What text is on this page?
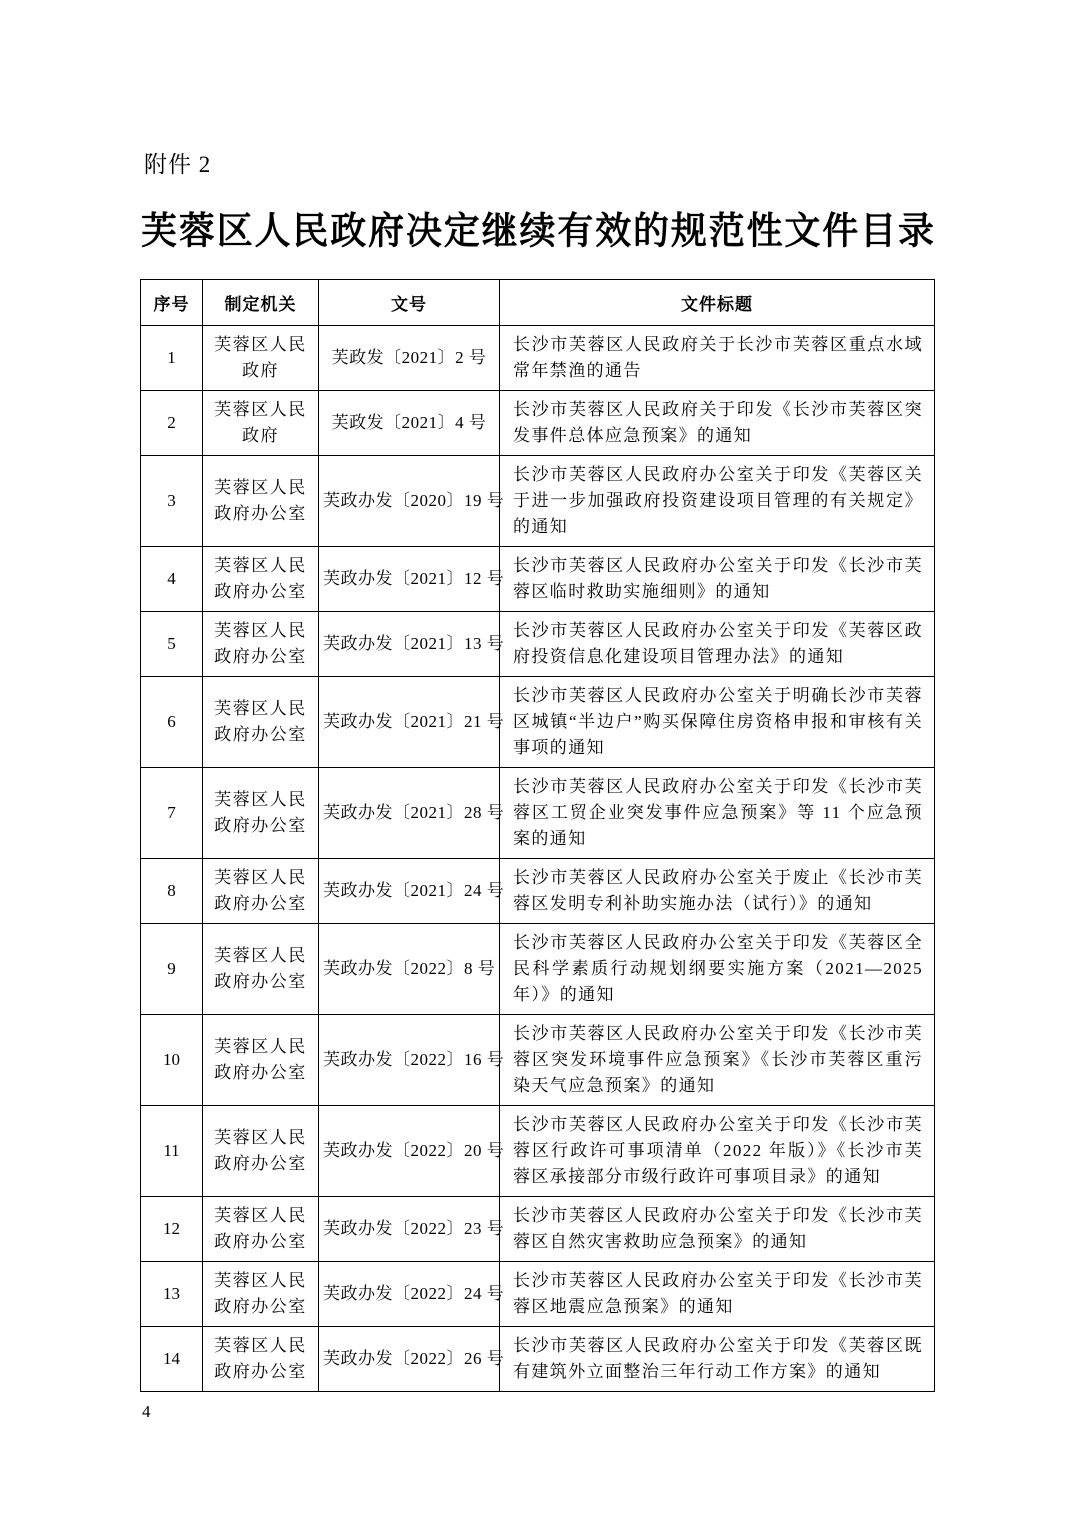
附件 2
芙蓉区人民政府决定继续有效的规范性文件目录
序号	制定机关	文号	文件标题
1	芙蓉区人民政府	芙政发〔2021〕2 号	长沙市芙蓉区人民政府关于长沙市芙蓉区重点水域常年禁渔的通告
2	芙蓉区人民政府	芙政发〔2021〕4 号	长沙市芙蓉区人民政府关于印发《长沙市芙蓉区突发事件总体应急预案》的通知
3	芙蓉区人民政府办公室	芙政办发〔2020〕19 号	长沙市芙蓉区人民政府办公室关于印发《芙蓉区关于进一步加强政府投资建设项目管理的有关规定》的通知
4	芙蓉区人民政府办公室	芙政办发〔2021〕12 号	长沙市芙蓉区人民政府办公室关于印发《长沙市芙蓉区临时救助实施细则》的通知
5	芙蓉区人民政府办公室	芙政办发〔2021〕13 号	长沙市芙蓉区人民政府办公室关于印发《芙蓉区政府投资信息化建设项目管理办法》的通知
6	芙蓉区人民政府办公室	芙政办发〔2021〕21 号	长沙市芙蓉区人民政府办公室关于明确长沙市芙蓉区城镇“半边户”购买保障住房资格申报和审核有关事项的通知
7	芙蓉区人民政府办公室	芙政办发〔2021〕28 号	长沙市芙蓉区人民政府办公室关于印发《长沙市芙蓉区工贸企业突发事件应急预案》等 11 个应急预案的通知
8	芙蓉区人民政府办公室	芙政办发〔2021〕24 号	长沙市芙蓉区人民政府办公室关于废止《长沙市芙蓉区发明专利补助实施办法（试行）》的通知
9	芙蓉区人民政府办公室	芙政办发〔2022〕8 号	长沙市芙蓉区人民政府办公室关于印发《芙蓉区全民科学素质行动规划纲要实施方案（2021—2025 年）》的通知
10	芙蓉区人民政府办公室	芙政办发〔2022〕16 号	长沙市芙蓉区人民政府办公室关于印发《长沙市芙蓉区突发环境事件应急预案》《长沙市芙蓉区重污染天气应急预案》的通知
11	芙蓉区人民政府办公室	芙政办发〔2022〕20 号	长沙市芙蓉区人民政府办公室关于印发《长沙市芙蓉区行政许可事项清单（2022 年版）》《长沙市芙蓉区承接部分市级行政许可事项目录》的通知
12	芙蓉区人民政府办公室	芙政办发〔2022〕23 号	长沙市芙蓉区人民政府办公室关于印发《长沙市芙蓉区自然灾害救助应急预案》的通知
13	芙蓉区人民政府办公室	芙政办发〔2022〕24 号	长沙市芙蓉区人民政府办公室关于印发《长沙市芙蓉区地震应急预案》的通知
14	芙蓉区人民政府办公室	芙政办发〔2022〕26 号	长沙市芙蓉区人民政府办公室关于印发《芙蓉区既有建筑外立面整治三年行动工作方案》的通知
4
